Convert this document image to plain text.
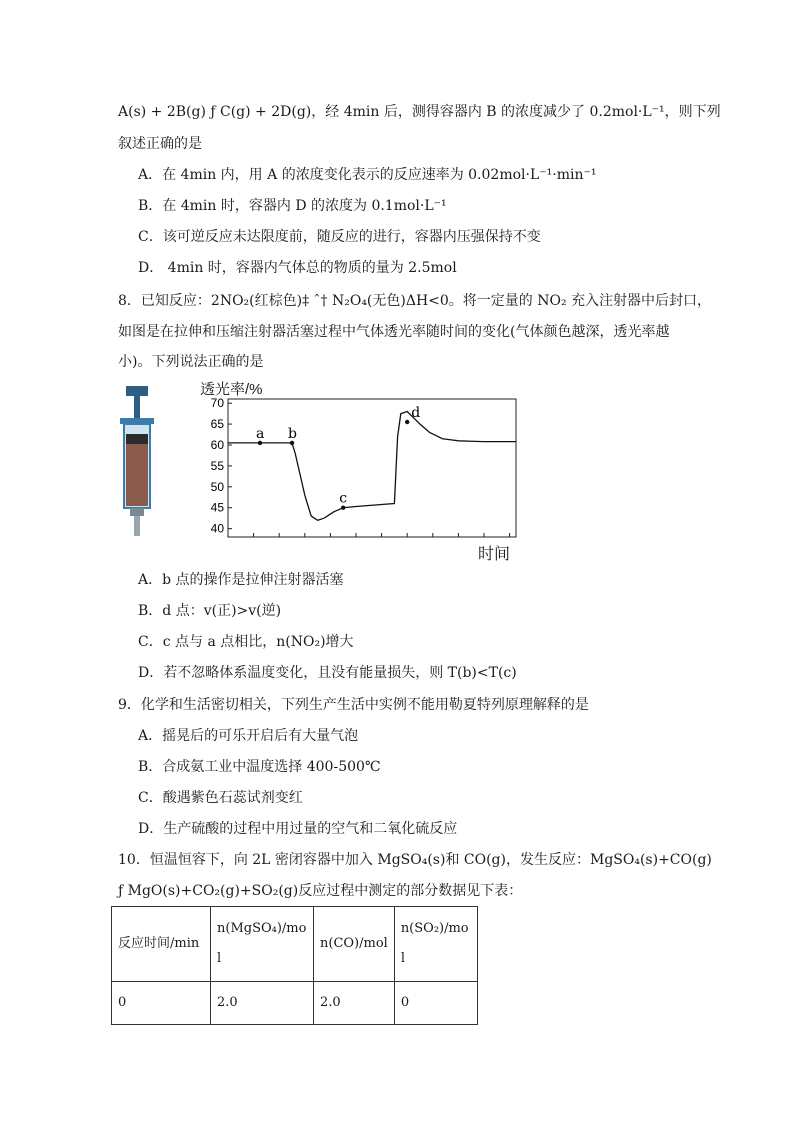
A(s) + 2B(g) ƒ C(g) + 2D(g)，经 4min 后，测得容器内 B 的浓度减少了 0.2mol·L⁻¹，则下列
叙述正确的是
A．在 4min 内，用 A 的浓度变化表示的反应速率为 0.02mol·L⁻¹·min⁻¹
B．在 4min 时，容器内 D 的浓度为 0.1mol·L⁻¹
C．该可逆反应未达限度前，随反应的进行，容器内压强保持不变
D． 4min 时，容器内气体总的物质的量为 2.5mol
8．已知反应：2NO₂(红棕色)‡ ˆ† N₂O₄(无色)ΔH<0。将一定量的 NO₂ 充入注射器中后封口，
如图是在拉伸和压缩注射器活塞过程中气体透光率随时间的变化(气体颜色越深，透光率越
小)。下列说法正确的是
透光率/%
时间
40
45
50
55
60
65
70
a b
c
d
A．b 点的操作是拉伸注射器活塞
B．d 点：v(正)>v(逆)
C．c 点与 a 点相比，n(NO₂)增大
D．若不忽略体系温度变化，且没有能量损失，则 T(b)<T(c)
9．化学和生活密切相关，下列生产生活中实例不能用勒夏特列原理解释的是
A．摇晃后的可乐开启后有大量气泡
B．合成氨工业中温度选择 400-500℃
C．酸遇紫色石蕊试剂变红
D．生产硫酸的过程中用过量的空气和二氧化硫反应
10．恒温恒容下，向 2L 密闭容器中加入 MgSO₄(s)和 CO(g)，发生反应：MgSO₄(s)+CO(g)
ƒ MgO(s)+CO₂(g)+SO₂(g)反应过程中测定的部分数据见下表：
反应时间/min	n(MgSO₄)/mol	n(CO)/mol	n(SO₂)/mol

0	2.0	2.0	0
